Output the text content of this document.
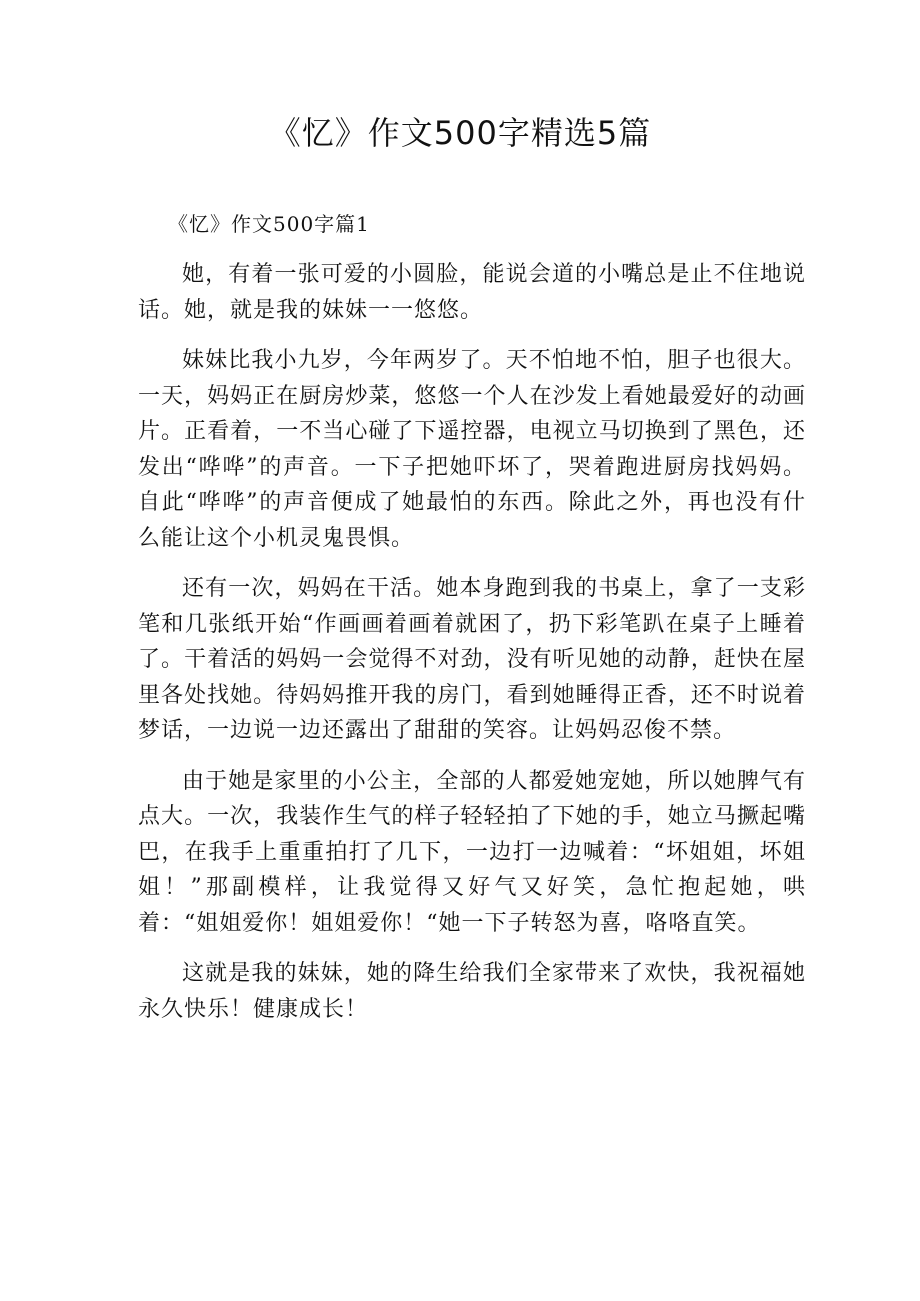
《忆》作文500字精选5篇
《忆》作文500字篇1

她，有着一张可爱的小圆脸，能说会道的小嘴总是止不住地说话。她，就是我的妹妹一一悠悠。

妹妹比我小九岁，今年两岁了。天不怕地不怕，胆子也很大。一天，妈妈正在厨房炒菜，悠悠一个人在沙发上看她最爱好的动画片。正看着，一不当心碰了下遥控器，电视立马切换到了黑色，还发出“哗哗”的声音。一下子把她吓坏了，哭着跑进厨房找妈妈。自此“哗哗”的声音便成了她最怕的东西。除此之外，再也没有什么能让这个小机灵鬼畏惧。

还有一次，妈妈在干活。她本身跑到我的书桌上，拿了一支彩笔和几张纸开始“作画画着画着就困了，扔下彩笔趴在桌子上睡着了。干着活的妈妈一会觉得不对劲，没有听见她的动静，赶快在屋里各处找她。待妈妈推开我的房门，看到她睡得正香，还不时说着梦话，一边说一边还露出了甜甜的笑容。让妈妈忍俊不禁。

由于她是家里的小公主，全部的人都爱她宠她，所以她脾气有点大。一次，我装作生气的样子轻轻拍了下她的手，她立马撅起嘴巴，在我手上重重拍打了几下，一边打一边喊着：“坏姐姐，坏姐姐！”那副模样，让我觉得又好气又好笑，急忙抱起她，哄着：“姐姐爱你！姐姐爱你！“她一下子转怒为喜，咯咯直笑。

这就是我的妹妹，她的降生给我们全家带来了欢快，我祝福她永久快乐！健康成长！
